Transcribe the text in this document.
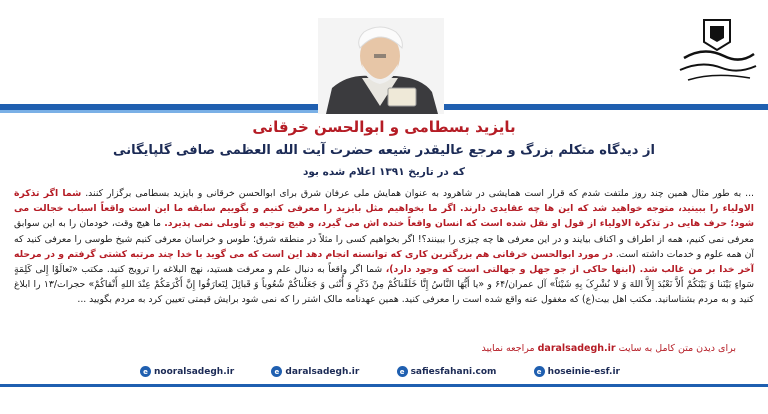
بایزید بسطامی و ابوالحسن خرقانی
از دیدگاه متکلم بزرگ و مرجع عالیقدر شیعه حضرت آیت الله العظمی صافی گلپایگانی
که در تاریخ ۱۳۹۱ اعلام شده بود
... به طور مثال همین چند روز ملتفت شدم که قرار است همایشی در شاهرود به عنوان همایش ملی عرفان شرق برای ابوالحسن خرقانی و بایزید بسطامی برگزار کنند. شما اگر تذکرة الاولیاء را ببینید، متوجه خواهید شد که این ها چه عقایدی دارند. اگر ما بخواهیم مثل بایزید را معرفی کنیم و بگوییم سابقه ما این است واقعاً اسباب خجالت می شود؛ حرف هایی در تذکرة الاولیاء از قول او نقل شده است که انسان واقعاً خنده اش می گیرد، و هیچ توجیه و تأویلی نمی پذیرد. ما هیچ وقت، خودمان را به این سوابق معرفی نمی کنیم، همه از اطراف و اکناف بیایند و در این معرفی ها چه چیزی را ببینند؟! اگر بخواهیم کسی را مثلاً در منطقه شرق؛ طوس و خراسان معرفی کنیم شیخ طوسی را معرفی کنید که آن همه علوم و خدمات داشته است. در مورد ابوالحسن خرقانی هم بزرگترین کاری که توانسته انجام دهد این است که می گوید با خدا چند مرتبه کشتی گرفتم و در مرحله آخر خدا بر من غالب شد. (ابنها حاکی از جو جهل و جهالتی است که وجود دارد)، شما اگر واقعاً به دنبال علم و معرفت هستید، نهج البلاغه را ترویج کنید. مکتب «تَعالَوْا إِلى کَلِمَةٍ سَواءٍ بَیْنَنا وَ بَیْنَکُمْ أَلاَّ نَعْبُدَ إِلاَّ اللهَ وَ لا نُشْرِکَ بِهِ شَیْئاً» آل عمران/۶۴ و «یا أَیُّهَا النَّاسُ إِنَّا خَلَقْناکُمْ مِنْ ذَکَرٍ وَ أُنْثى‏ وَ جَعَلْناکُمْ شُعُوباً وَ قَبائِلَ لِتَعارَفُوا إِنَّ أَکْرَمَکُمْ عِنْدَ اللهِ أَتْقاکُمْ» حجرات/۱۳ را ابلاغ کنید و به مردم بشناسانید. مکتب اهل بیت(ع) که مغفول عنه واقع شده است را معرفی کنید. همین عهدنامه مالک اشتر را که نمی شود برایش قیمتی تعیین کرد به مردم بگویید ...
برای دیدن متن کامل به سایت daralsadegh.ir مراجعه نمایید
e nooralsadegh.ir	e daralsadegh.ir	e safiesfahani.com	e hoseinie-esf.ir
